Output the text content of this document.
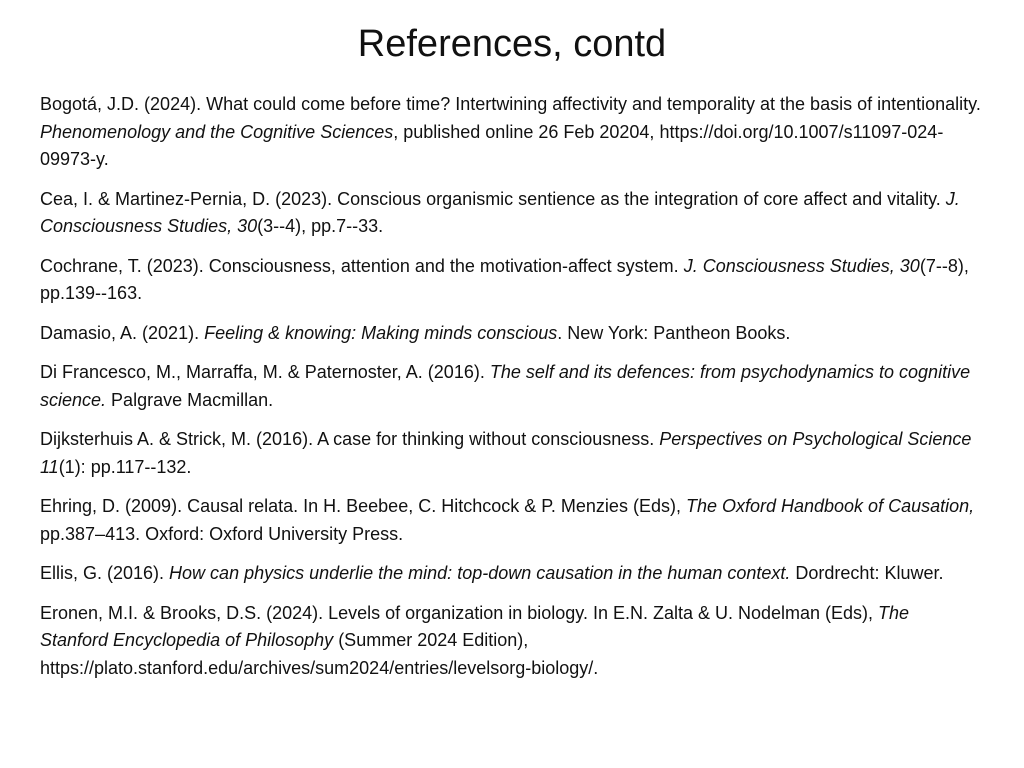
References, contd

Bogotá, J.D. (2024). What could come before time? Intertwining affectivity and temporality at the basis of intentionality. Phenomenology and the Cognitive Sciences, published online 26 Feb 20204, https://doi.org/10.1007/s11097-024-09973-y.

Cea, I. & Martinez-Pernia, D. (2023). Conscious organismic sentience as the integration of core affect and vitality. J. Consciousness Studies, 30(3--4), pp.7--33.

Cochrane, T. (2023). Consciousness, attention and the motivation-affect system. J. Consciousness Studies, 30(7--8), pp.139--163.

Damasio, A. (2021). Feeling & knowing: Making minds conscious. New York: Pantheon Books.

Di Francesco, M., Marraffa, M. & Paternoster, A. (2016). The self and its defences: from psychodynamics to cognitive science. Palgrave Macmillan.

Dijksterhuis A. & Strick, M. (2016). A case for thinking without consciousness. Perspectives on Psychological Science 11(1): pp.117--132.

Ehring, D. (2009). Causal relata. In H. Beebee, C. Hitchcock & P. Menzies (Eds), The Oxford Handbook of Causation, pp.387–413. Oxford: Oxford University Press.

Ellis, G. (2016). How can physics underlie the mind: top-down causation in the human context. Dordrecht: Kluwer.

Eronen, M.I. & Brooks, D.S. (2024). Levels of organization in biology. In E.N. Zalta & U. Nodelman (Eds), The Stanford Encyclopedia of Philosophy (Summer 2024 Edition), https://plato.stanford.edu/archives/sum2024/entries/levelsorg-biology/.
